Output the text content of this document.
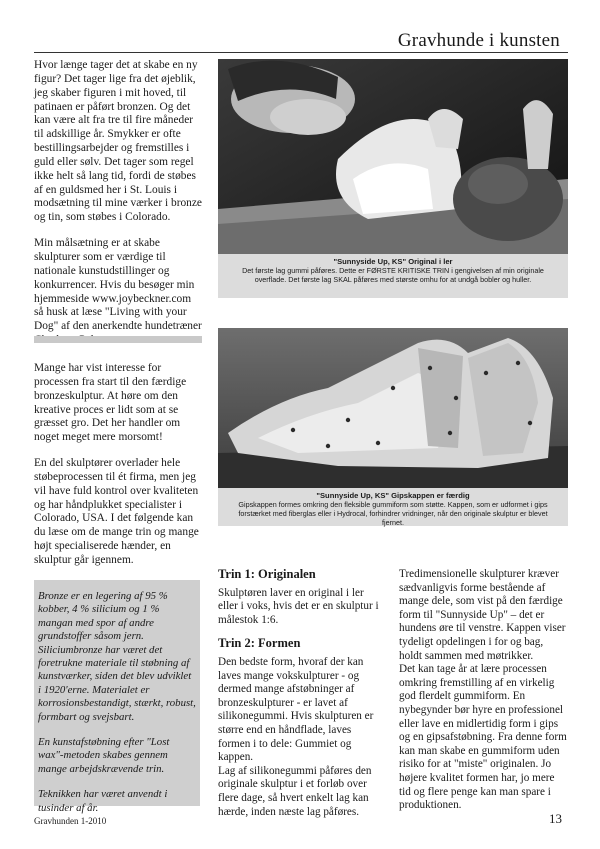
Gravhunde i kunsten

Hvor længe tager det at skabe en ny figur? Det tager lige fra det øjeblik, jeg skaber figuren i mit hoved, til patinaen er påført bronzen. Og det kan være alt fra tre til fire måneder til adskillige år. Smykker er ofte bestillingsarbejder og fremstilles i guld eller sølv. Det tager som regel ikke helt så lang tid, fordi de støbes af en guldsmed her i St. Louis i modsætning til mine værker i bronze og tin, som støbes i Colorado.

Min målsætning er at skabe skulpturer som er værdige til nationale kunstudstillinger og konkurrencer. Hvis du besøger min hjemmeside www.joybeckner.com så husk at læse "Living with your Dog" af den anerkendte hundetræner

Mange har vist interesse for processen fra start til den færdige bronzeskulptur. At høre om den kreative proces er lidt som at se græsset gro. Det her handler om noget meget mere morsomt!

En del skulptører overlader hele støbeprocessen til ét firma, men jeg vil have fuld kontrol over kvaliteten og har håndplukket specialister i Colorado, USA. I det følgende kan du læse om de mange trin og mange højt specialiserede hænder, en skulptur går igennem.

Bronze er en legering af 95 % kobber, 4 % silicium og 1 % mangan med spor af andre grundstoffer såsom jern. Siliciumbronze har været det foretrukne materiale til støbning af kunstværker, siden det blev udviklet i 1920'erne. Materialet er korrosionsbestandigt, stærkt, robust, formbart og svejsbart.

En kunstafstøbning efter "Lost wax"-metoden skabes gennem mange arbejdskrævende trin.

Teknikken har været anvendt i tusinder af år.

"Sunnyside Up, KS" Original i ler
Det første lag gummi påføres. Dette er FØRSTE KRITISKE TRIN i gengivelsen af min originale overflade. Det første lag SKAL påføres med største omhu for at undgå bobler og huller.
"Sunnyside Up, KS" Gipskappen er færdig
Gipskappen formes omkring den fleksible gummiform som støtte. Kappen, som er udformet i gips forstærket med fiberglas eller i Hydrocal, forhindrer vridninger, når den originale skulptur er blevet fjernet.
Trin 1: Originalen

Skulptøren laver en original i ler eller i voks, hvis det er en skulptur i målestok 1:6.

Trin 2: Formen

Den bedste form, hvoraf der kan laves mange vokskulpturer - og dermed mange afstøbninger af bronzeskulpturer - er lavet af silikonegummi. Hvis skulpturen er større end en håndflade, laves formen i to dele: Gummiet og kappen.

Lag af silikonegummi påføres den originale skulptur i et forløb over flere dage, så hvert enkelt lag kan hærde, inden næste lag påføres.

Tredimensionelle skulpturer kræver sædvanligvis forme bestående af mange dele, som vist på den færdige form til "Sunnyside Up" – det er hundens øre til venstre. Kappen viser tydeligt opdelingen i for og bag, holdt sammen med møtrikker.

Det kan tage år at lære processen omkring fremstilling af en virkelig god flerdelt gummiform. En nybegynder bør hyre en professionel eller lave en midlertidig form i gips og en gipsafstøbning. Fra denne form kan man skabe en gummiform uden risiko for at "miste" originalen. Jo højere kvalitet formen har, jo mere tid og flere penge kan man spare i produktionen.

Gravhunden 1-2010	13
